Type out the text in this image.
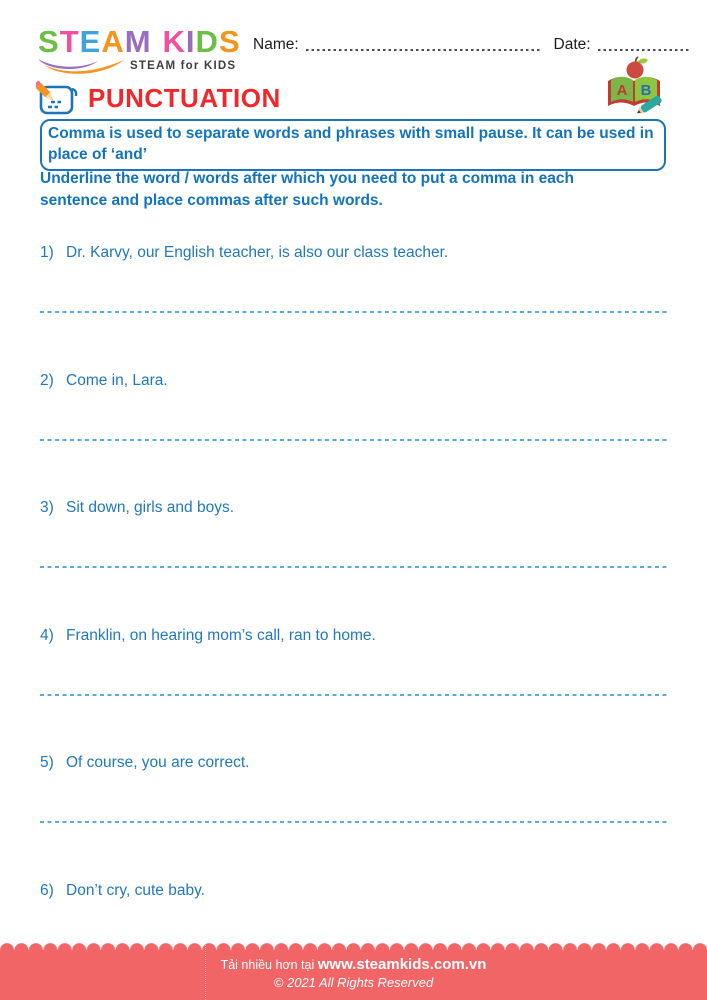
STEAM KIDS
STEAM for KIDS
Name:	Date:
A B
PUNCTUATION
Comma is used to separate words and phrases with small pause. It can be used in place of ‘and’

Underline the word / words after which you need to put a comma in each sentence and place commas after such words.

1) Dr. Karvy, our English teacher, is also our class teacher.
2) Come in, Lara.
3) Sit down, girls and boys.
4) Franklin, on hearing mom’s call, ran to home.
5) Of course, you are correct.
6) Don’t cry, cute baby.
Tải nhiều hơn tại www.steamkids.com.vn
© 2021 All Rights Reserved
